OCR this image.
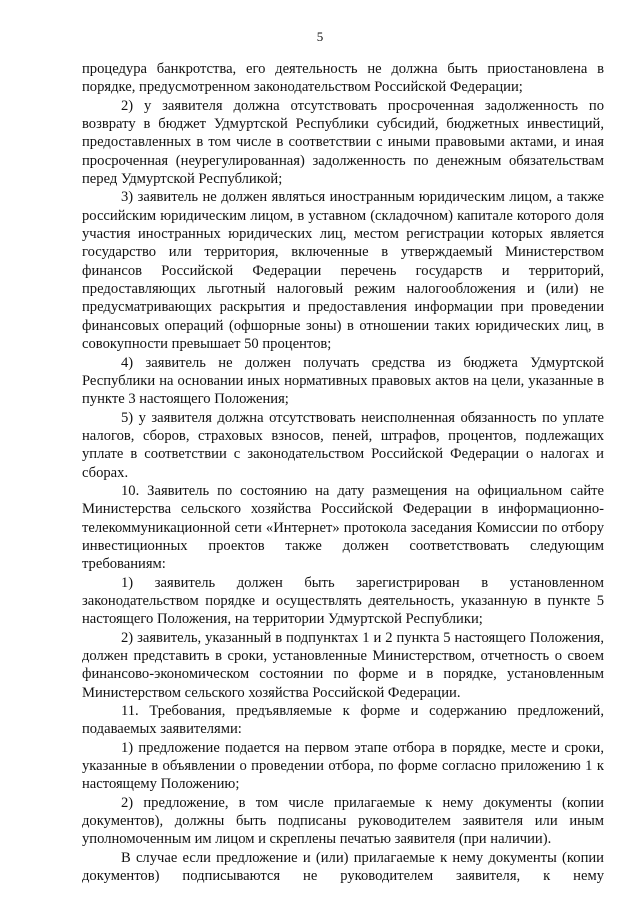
5

процедура банкротства, его деятельность не должна быть приостановлена в порядке, предусмотренном законодательством Российской Федерации;

2) у заявителя должна отсутствовать просроченная задолженность по возврату в бюджет Удмуртской Республики субсидий, бюджетных инвестиций, предоставленных в том числе в соответствии с иными правовыми актами, и иная просроченная (неурегулированная) задолженность по денежным обязательствам перед Удмуртской Республикой;

3) заявитель не должен являться иностранным юридическим лицом, а также российским юридическим лицом, в уставном (складочном) капитале которого доля участия иностранных юридических лиц, местом регистрации которых является государство или территория, включенные в утверждаемый Министерством финансов Российской Федерации перечень государств и территорий, предоставляющих льготный налоговый режим налогообложения и (или) не предусматривающих раскрытия и предоставления информации при проведении финансовых операций (офшорные зоны) в отношении таких юридических лиц, в совокупности превышает 50 процентов;

4) заявитель не должен получать средства из бюджета Удмуртской Республики на основании иных нормативных правовых актов на цели, указанные в пункте 3 настоящего Положения;

5) у заявителя должна отсутствовать неисполненная обязанность по уплате налогов, сборов, страховых взносов, пеней, штрафов, процентов, подлежащих уплате в соответствии с законодательством Российской Федерации о налогах и сборах.

10. Заявитель по состоянию на дату размещения на официальном сайте Министерства сельского хозяйства Российской Федерации в информационно-телекоммуникационной сети «Интернет» протокола заседания Комиссии по отбору инвестиционных проектов также должен соответствовать следующим требованиям:

1) заявитель должен быть зарегистрирован в установленном законодательством порядке и осуществлять деятельность, указанную в пункте 5 настоящего Положения, на территории Удмуртской Республики;

2) заявитель, указанный в подпунктах 1 и 2 пункта 5 настоящего Положения, должен представить в сроки, установленные Министерством, отчетность о своем финансово-экономическом состоянии по форме и в порядке, установленным Министерством сельского хозяйства Российской Федерации.

11. Требования, предъявляемые к форме и содержанию предложений, подаваемых заявителями:

1) предложение подается на первом этапе отбора в порядке, месте и сроки, указанные в объявлении о проведении отбора, по форме согласно приложению 1 к настоящему Положению;

2) предложение, в том числе прилагаемые к нему документы (копии документов), должны быть подписаны руководителем заявителя или иным уполномоченным им лицом и скреплены печатью заявителя (при наличии).

В случае если предложение и (или) прилагаемые к нему документы (копии документов) подписываются не руководителем заявителя, к нему
